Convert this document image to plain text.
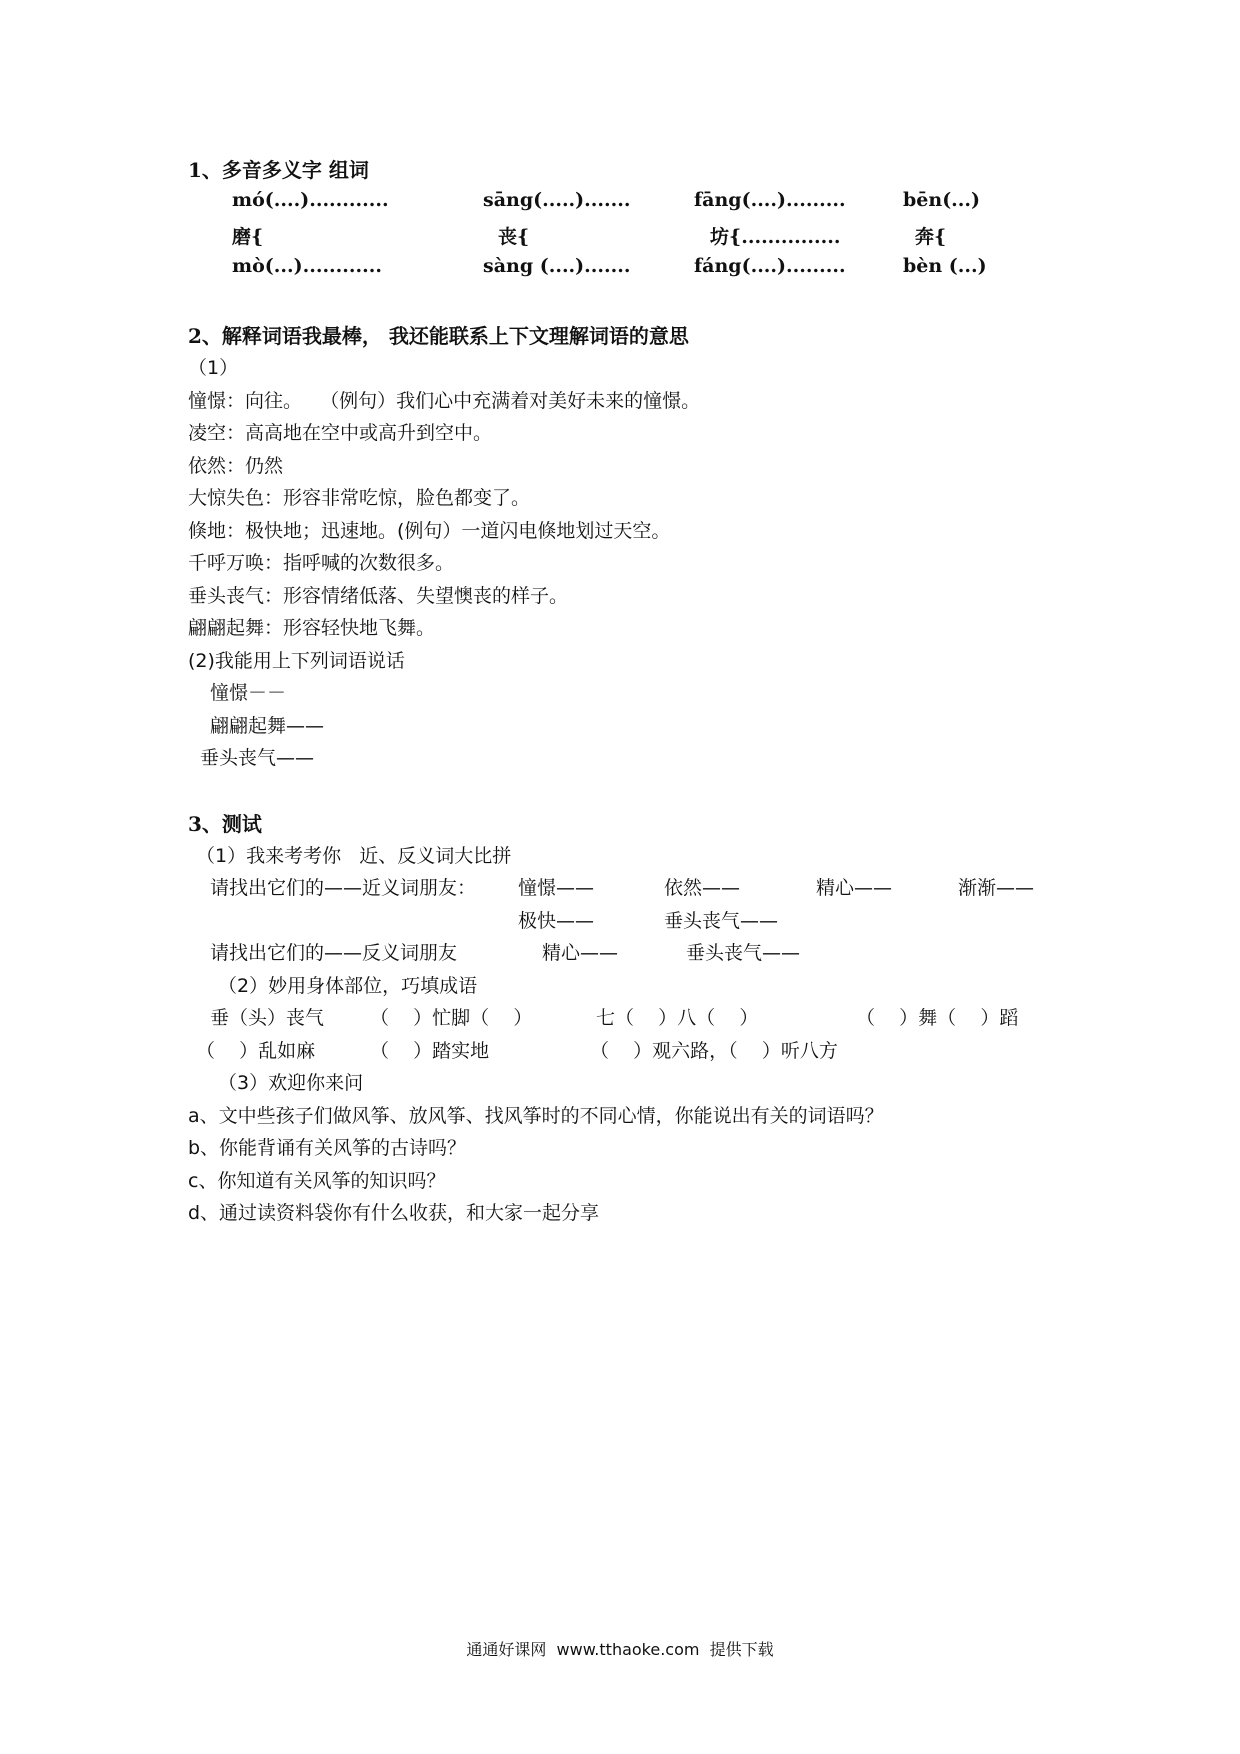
1、多音多义字 组词
mó(....)............	sāng(.....).......	fāng(....).........	bēn(...)
磨{	丧{	坊{...............	奔{
mò(...)............	sàng (....).......	fáng(....).........	bèn (...)
2、解释词语我最棒， 我还能联系上下文理解词语的意思
（1）
憧憬：向往。   （例句）我们心中充满着对美好未来的憧憬。
凌空：高高地在空中或高升到空中。
依然：仍然
大惊失色：形容非常吃惊，脸色都变了。
倏地：极快地；迅速地。(例句）一道闪电倏地划过天空。
千呼万唤：指呼喊的次数很多。
垂头丧气：形容情绪低落、失望懊丧的样子。
翩翩起舞：形容轻快地飞舞。
(2)我能用上下列词语说话
憧憬－－
翩翩起舞——
垂头丧气——
3、测试
（1）我来考考你   近、反义词大比拼
请找出它们的——近义词朋友： 憧憬——	依然——	精心——	渐渐——
极快——	垂头丧气——
请找出它们的——反义词朋友	精心——	垂头丧气——
（2）妙用身体部位，巧填成语
垂（头）丧气 （    ）忙脚（    ）	七（    ）八（    ）	（    ）舞（    ）蹈
（    ）乱如麻	（    ）踏实地	（    ）观六路，（    ）听八方
（3）欢迎你来问
a、文中些孩子们做风筝、放风筝、找风筝时的不同心情，你能说出有关的词语吗？
b、你能背诵有关风筝的古诗吗？
c、你知道有关风筝的知识吗？
d、通过读资料袋你有什么收获，和大家一起分享
通通好课网  www.tthaoke.com  提供下载
